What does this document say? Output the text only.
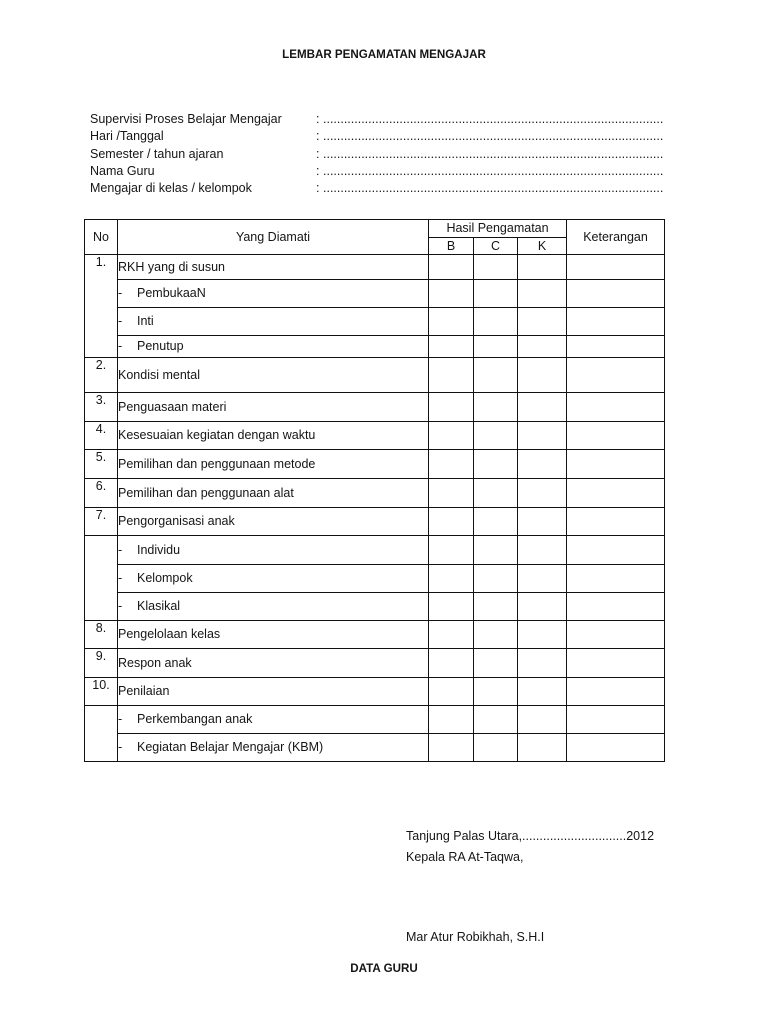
LEMBAR PENGAMATAN MENGAJAR
Supervisi Proses Belajar Mengajar	: ..................................................................................................
Hari /Tanggal	: ..................................................................................................
Semester / tahun ajaran	: ..................................................................................................
Nama Guru	: ..................................................................................................
Mengajar di kelas / kelompok	: ..................................................................................................
No	Yang Diamati	Hasil Pengamatan			Keterangan
		B	C	K	
1.	RKH yang di susun				
	- PembukaaN				
	- Inti				
	- Penutup				
2.	Kondisi mental				
3.	Penguasaan materi				
4.	Kesesuaian kegiatan dengan waktu				
5.	Pemilihan dan penggunaan metode				
6.	Pemilihan dan penggunaan alat				
7.	Pengorganisasi anak				
	- Individu				
	- Kelompok				
	- Klasikal				
8.	Pengelolaan kelas				
9.	Respon anak				
10.	Penilaian				
	- Perkembangan anak				
	- Kegiatan Belajar Mengajar (KBM)				
Tanjung Palas Utara,..............................2012
Kepala RA At-Taqwa,
Mar Atur Robikhah, S.H.I
DATA GURU
